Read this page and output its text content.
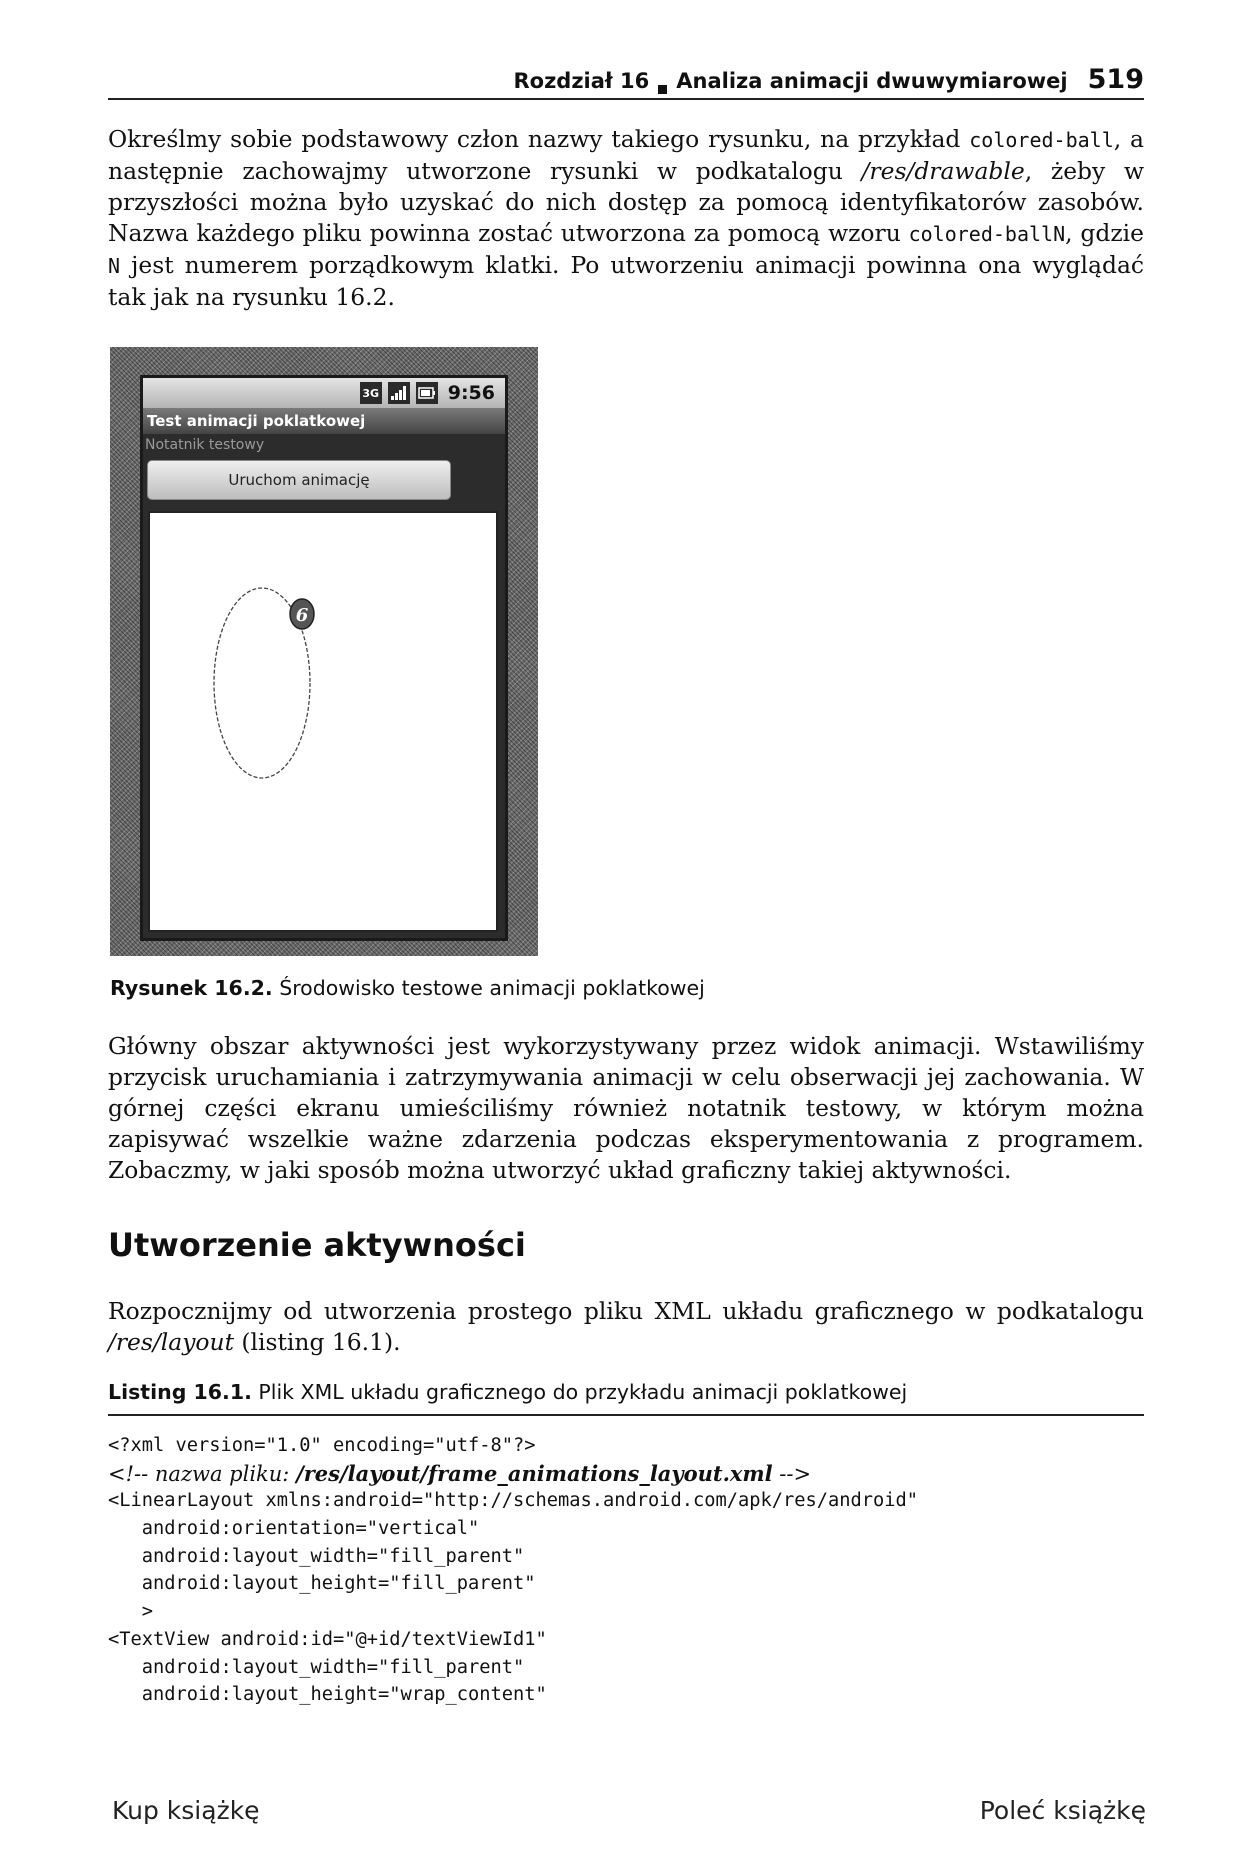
Rozdział 16 Analiza animacji dwuwymiarowej 519

Określmy sobie podstawowy człon nazwy takiego rysunku, na przykład colored-ball, a następnie zachowajmy utworzone rysunki w podkatalogu /res/drawable, żeby w przyszłości można było uzyskać do nich dostęp za pomocą identyfikatorów zasobów. Nazwa każdego pliku powinna zostać utworzona za pomocą wzoru colored-ballN, gdzie N jest numerem porządkowym klatki. Po utworzeniu animacji powinna ona wyglądać tak jak na rysunku 16.2.

3G	9:56
Test animacji poklatkowej
Notatnik testowy
Uruchom animację
6

Rysunek 16.2. Środowisko testowe animacji poklatkowej

Główny obszar aktywności jest wykorzystywany przez widok animacji. Wstawiliśmy przycisk uruchamiania i zatrzymywania animacji w celu obserwacji jej zachowania. W górnej części ekranu umieściliśmy również notatnik testowy, w którym można zapisywać wszelkie ważne zdarzenia podczas eksperymentowania z programem. Zobaczmy, w jaki sposób można utworzyć układ graficzny takiej aktywności.

Utworzenie aktywności

Rozpocznijmy od utworzenia prostego pliku XML układu graficznego w podkatalogu /res/layout (listing 16.1).

Listing 16.1. Plik XML układu graficznego do przykładu animacji poklatkowej
<?xml version="1.0" encoding="utf-8"?>
<!-- nazwa pliku: /res/layout/frame_animations_layout.xml -->
<LinearLayout xmlns:android="http://schemas.android.com/apk/res/android"
android:orientation="vertical"
android:layout_width="fill_parent"
android:layout_height="fill_parent"
>
<TextView android:id="@+id/textViewId1"
android:layout_width="fill_parent"
android:layout_height="wrap_content"
Kup książkę	Poleć książkę
